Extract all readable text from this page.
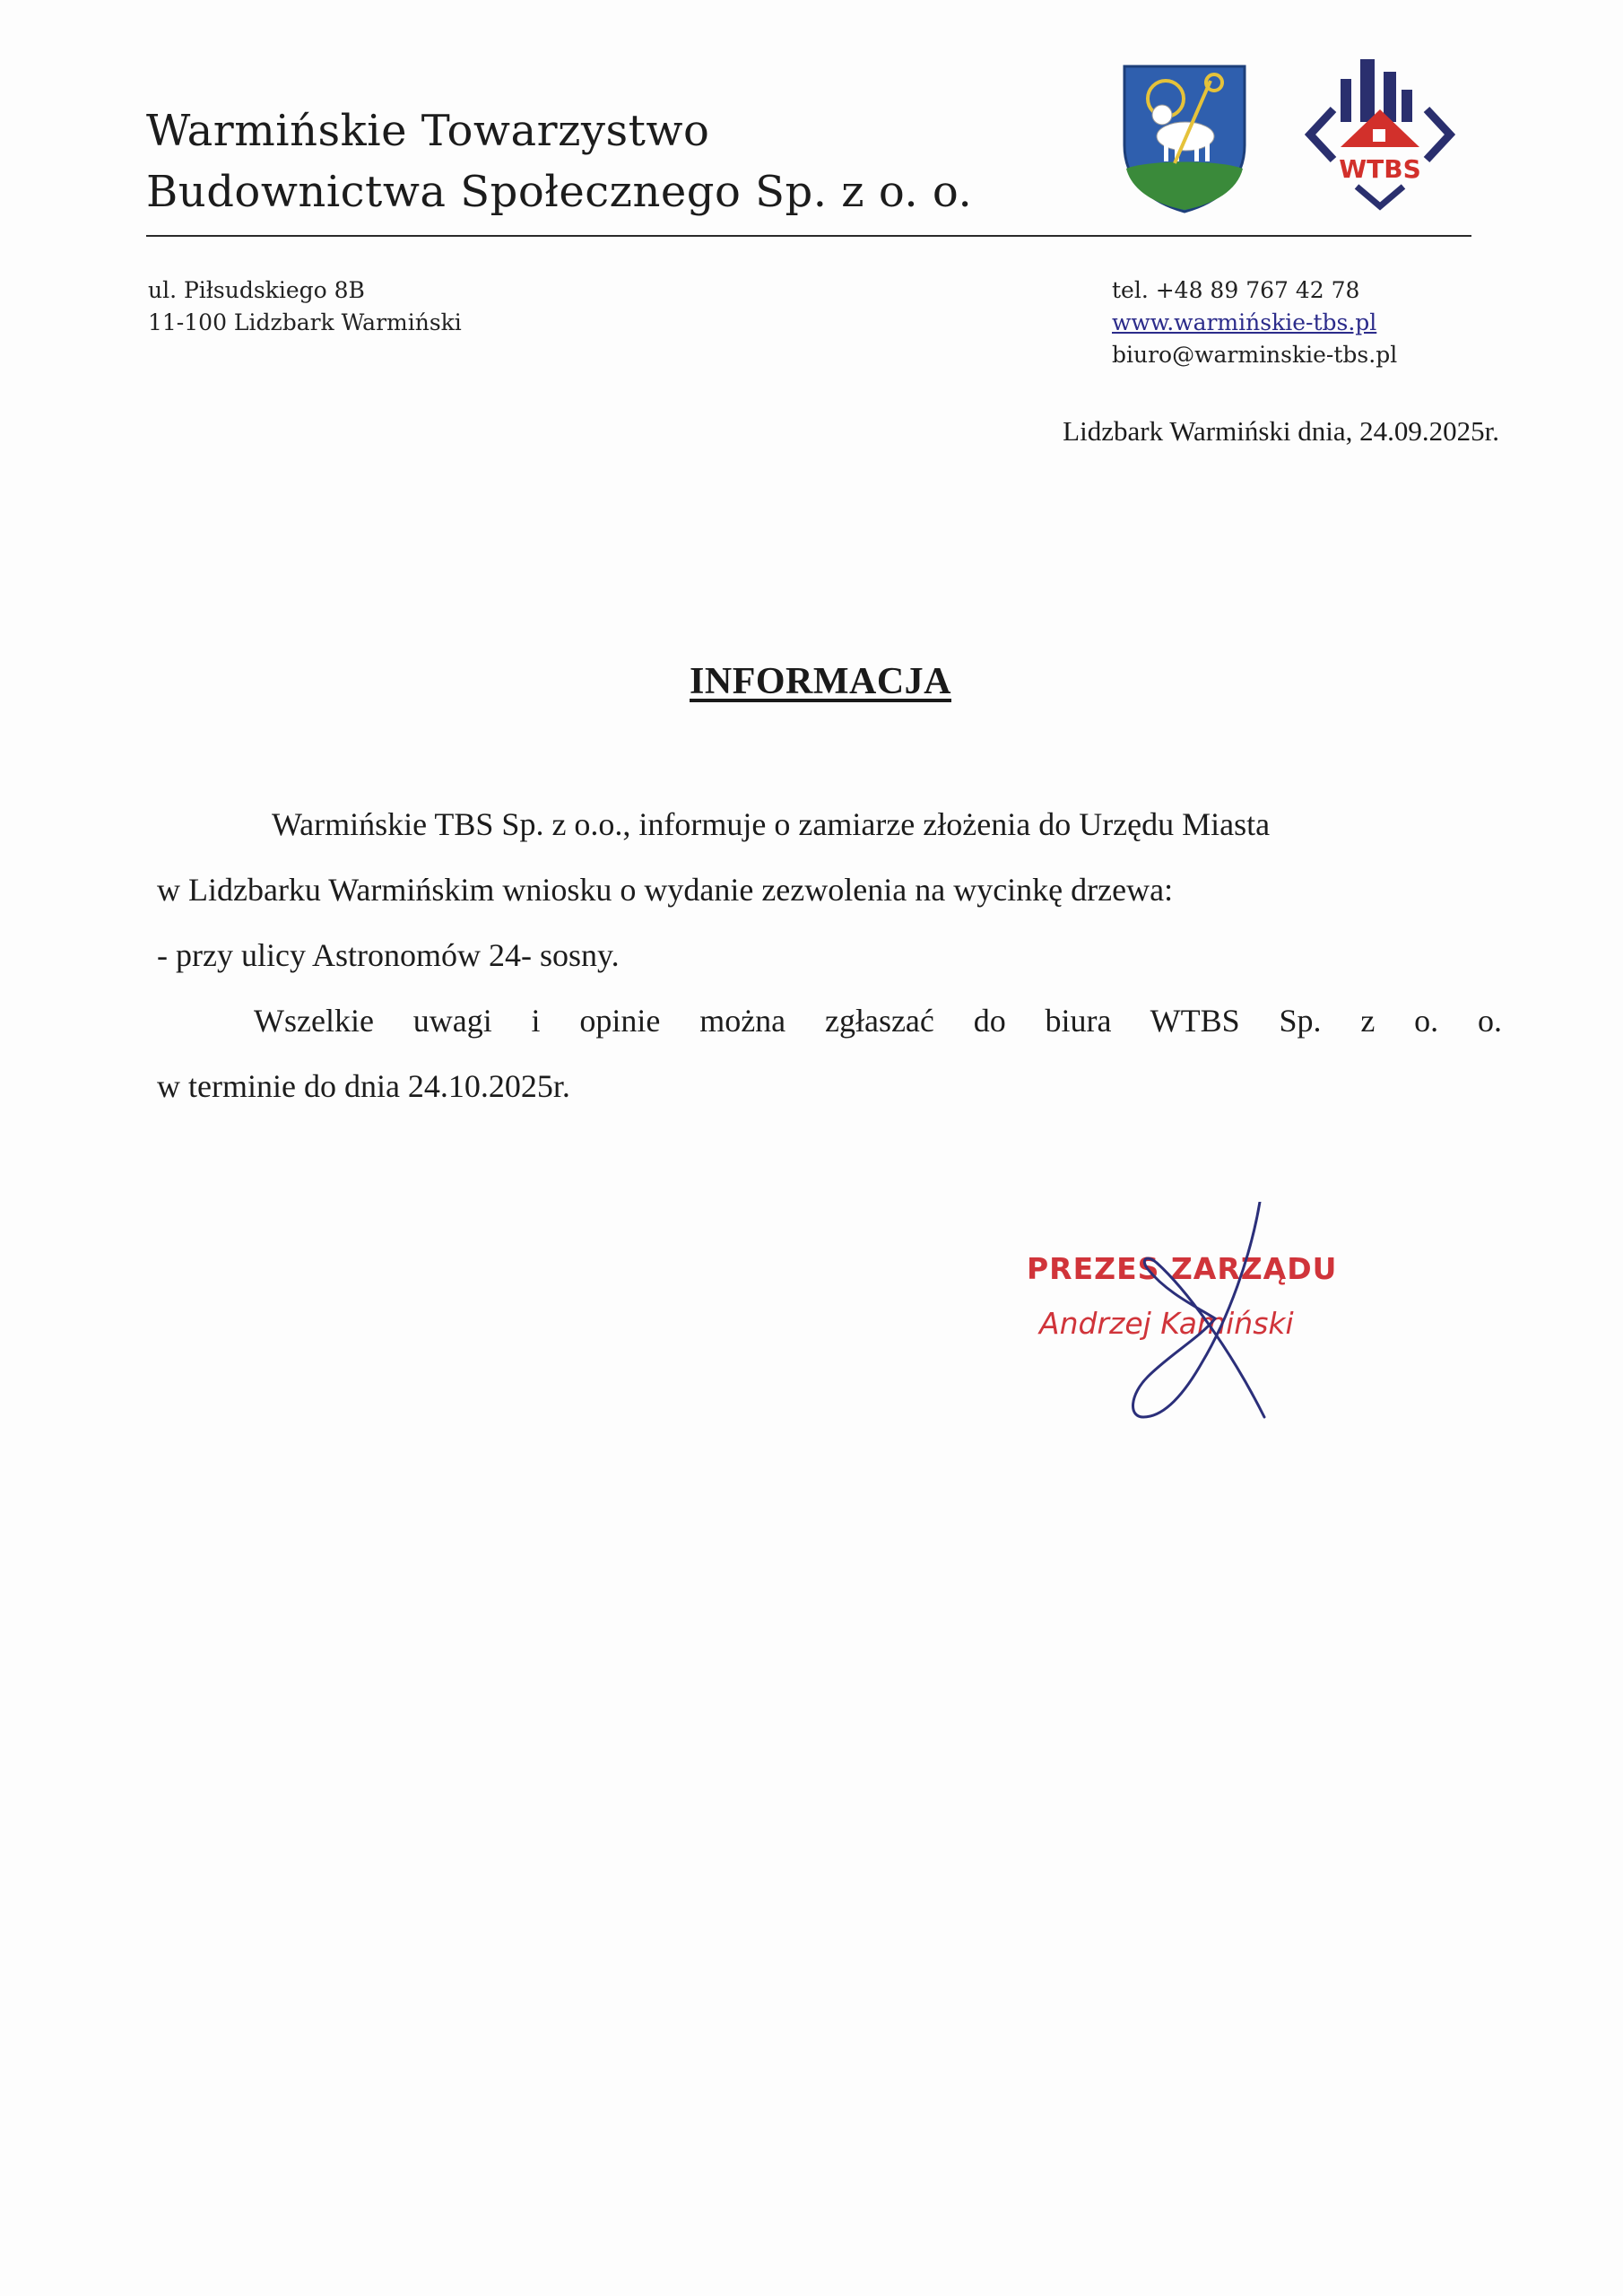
Warmińskie Towarzystwo
Budownictwa Społecznego Sp. z o. o.	WTBS
ul. Piłsudskiego 8B
11-100 Lidzbark Warmiński
tel. +48 89 767 42 78
www.warmińskie-tbs.pl
biuro@warminskie-tbs.pl
Lidzbark Warmiński dnia, 24.09.2025r.
INFORMACJA

Warmińskie TBS Sp. z o.o., informuje o zamiarze złożenia do Urzędu Miasta

w Lidzbarku Warmińskim wniosku o wydanie zezwolenia na wycinkę drzewa:

- przy ulicy Astronomów 24- sosny.

Wszelkie uwagi i opinie można zgłaszać do biura WTBS Sp. z o. o.

w terminie do dnia 24.10.2025r.

PREZES ZARZĄDU
Andrzej Kamiński
